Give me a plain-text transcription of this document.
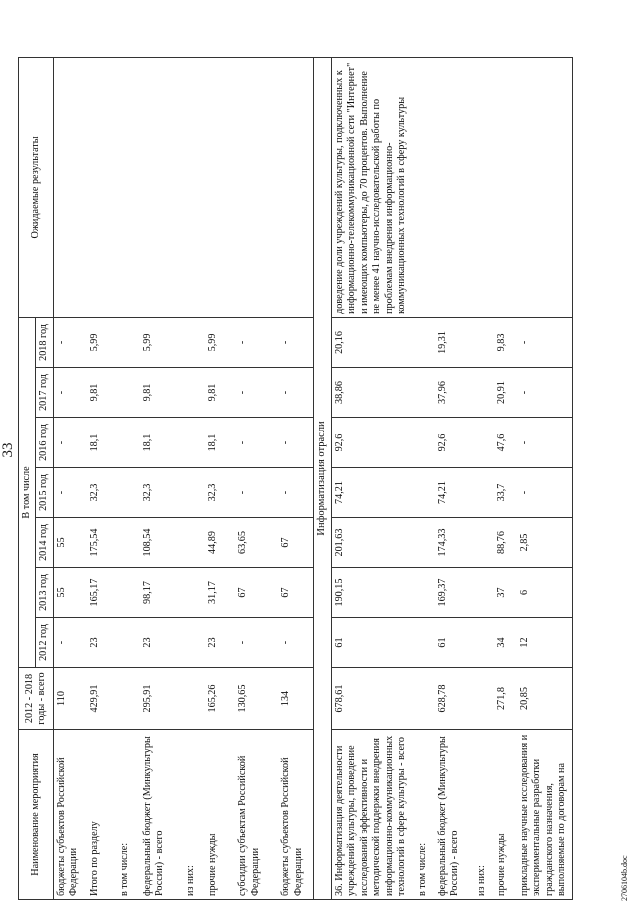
33
Наименование мероприятия	2012 - 2018 годы - всего	В том числе							Ожидаемые результаты
		2012 год	2013 год	2014 год	2015 год	2016 год	2017 год	2018 год	
бюджеты субъектов Российской Федерации	110	-	55	55	-	-	-	-	
Итого по разделу	429,91	23	165,17	175,54	32,3	18,1	9,81	5,99	
в том числе:									
федеральный бюджет (Минкультуры России) - всего	295,91	23	98,17	108,54	32,3	18,1	9,81	5,99	
из них:									
прочие нужды	165,26	23	31,17	44,89	32,3	18,1	9,81	5,99	
субсидии субъектам Российской Федерации	130,65	-	67	63,65	-	-	-	-	
бюджеты субъектов Российской Федерации	134	-	67	67	-	-	-	-	
Информатизация отрасли									
36. Информатизация деятельности учреждений культуры, проведение исследований эффективности и методической поддержки внедрения информационно-коммуникационных технологий в сфере культуры - всего	678,61	61	190,15	201,63	74,21	92,6	38,86	20,16	доведение доли учреждений культуры, подключенных к информационно-телекоммуникационной сети "Интернет" и имеющих компьютеры, до 70 процентов. Выполнение не менее 41 научно-исследовательской работы по проблемам внедрения информационно-коммуникационных технологий в сферу культуры
в том числе:									
федеральный бюджет (Минкультуры России) - всего	628,78	61	169,37	174,33	74,21	92,6	37,96	19,31	
из них:									
прочие нужды	271,8	34	37	88,76	33,7	47,6	20,91	9,83	
прикладные научные исследования и экспериментальные разработки гражданского назначения, выполняемые по договорам на	20,85	12	6	2,85	-	-	-	-	
2706104b.doc
